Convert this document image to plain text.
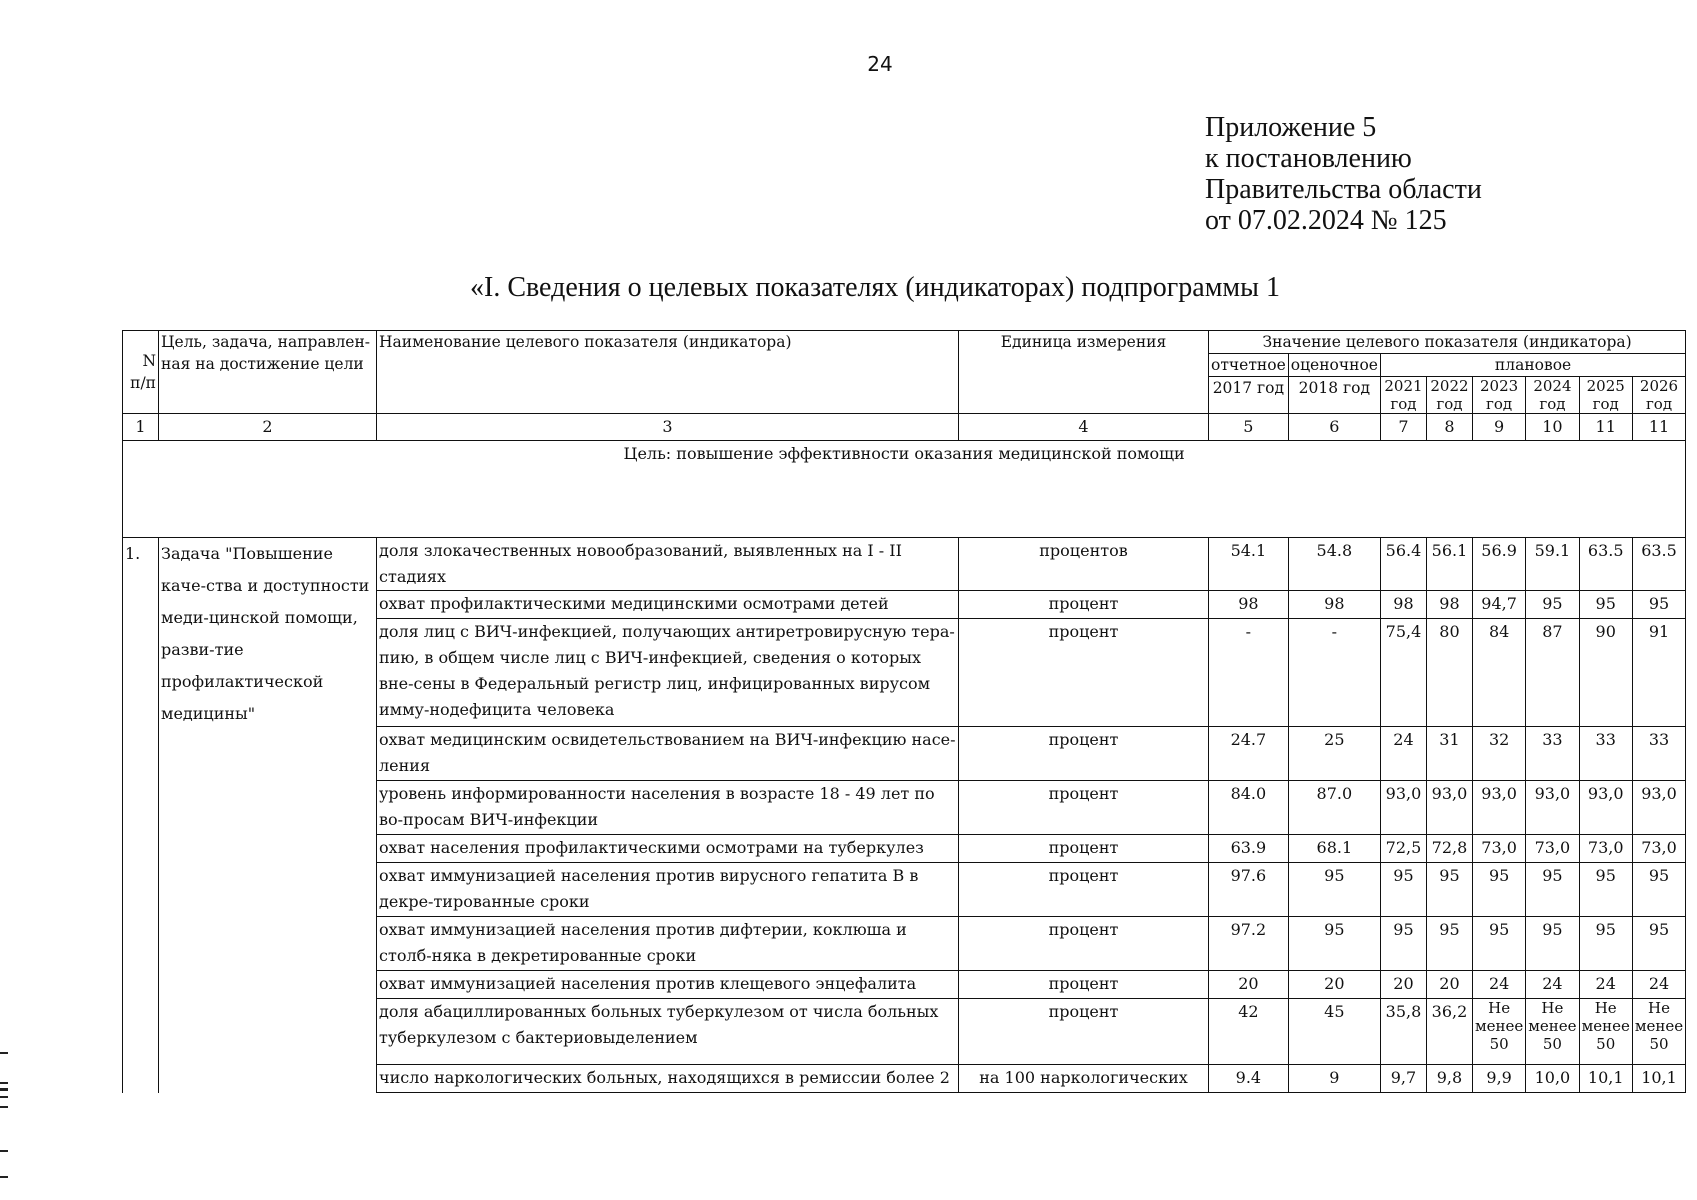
24
Приложение 5
к постановлению
Правительства области
от 07.02.2024 № 125
«I. Сведения о целевых показателях (индикаторах) подпрограммы 1
N п/п	Цель, задача, направлен-ная на достижение цели	Наименование целевого показателя (индикатора)	Единица измерения	Значение целевого показателя (индикатора)							
				отчетное	оценочное	плановое					
				2017 год	2018 год	2021 год	2022 год	2023 год	2024 год	2025 год	2026 год

1	2	3	4	5	6	7	8	9	10	11	11
Цель: повышение эффективности оказания медицинской помощи											
1.	Задача "Повышение каче-ства и доступности меди-цинской помощи, разви-тие профилактической медицины"	доля злокачественных новообразований, выявленных на I - II стадиях	процентов	54.1	54.8	56.4	56.1	56.9	59.1	63.5	63.5
		охват профилактическими медицинскими осмотрами детей	процент	98	98	98	98	94,7	95	95	95
		доля лиц с ВИЧ-инфекцией, получающих антиретровирусную тера-пию, в общем числе лиц с ВИЧ-инфекцией, сведения о которых вне-сены в Федеральный регистр лиц, инфицированных вирусом имму-нодефицита человека	процент	-	-	75,4	80	84	87	90	91
		охват медицинским освидетельствованием на ВИЧ-инфекцию насе-ления	процент	24.7	25	24	31	32	33	33	33
		уровень информированности населения в возрасте 18 - 49 лет по во-просам ВИЧ-инфекции	процент	84.0	87.0	93,0	93,0	93,0	93,0	93,0	93,0
		охват населения профилактическими осмотрами на туберкулез	процент	63.9	68.1	72,5	72,8	73,0	73,0	73,0	73,0
		охват иммунизацией населения против вирусного гепатита В в декре-тированные сроки	процент	97.6	95	95	95	95	95	95	95
		охват иммунизацией населения против дифтерии, коклюша и столб-няка в декретированные сроки	процент	97.2	95	95	95	95	95	95	95
		охват иммунизацией населения против клещевого энцефалита	процент	20	20	20	20	24	24	24	24
		доля абациллированных больных туберкулезом от числа больных туберкулезом с бактериовыделением	процент	42	45	35,8	36,2	Не менее 50	Не менее 50	Не менее 50	Не менее 50
		число наркологических больных, находящихся в ремиссии более 2	на 100 наркологических	9.4	9	9,7	9,8	9,9	10,0	10,1	10,1
